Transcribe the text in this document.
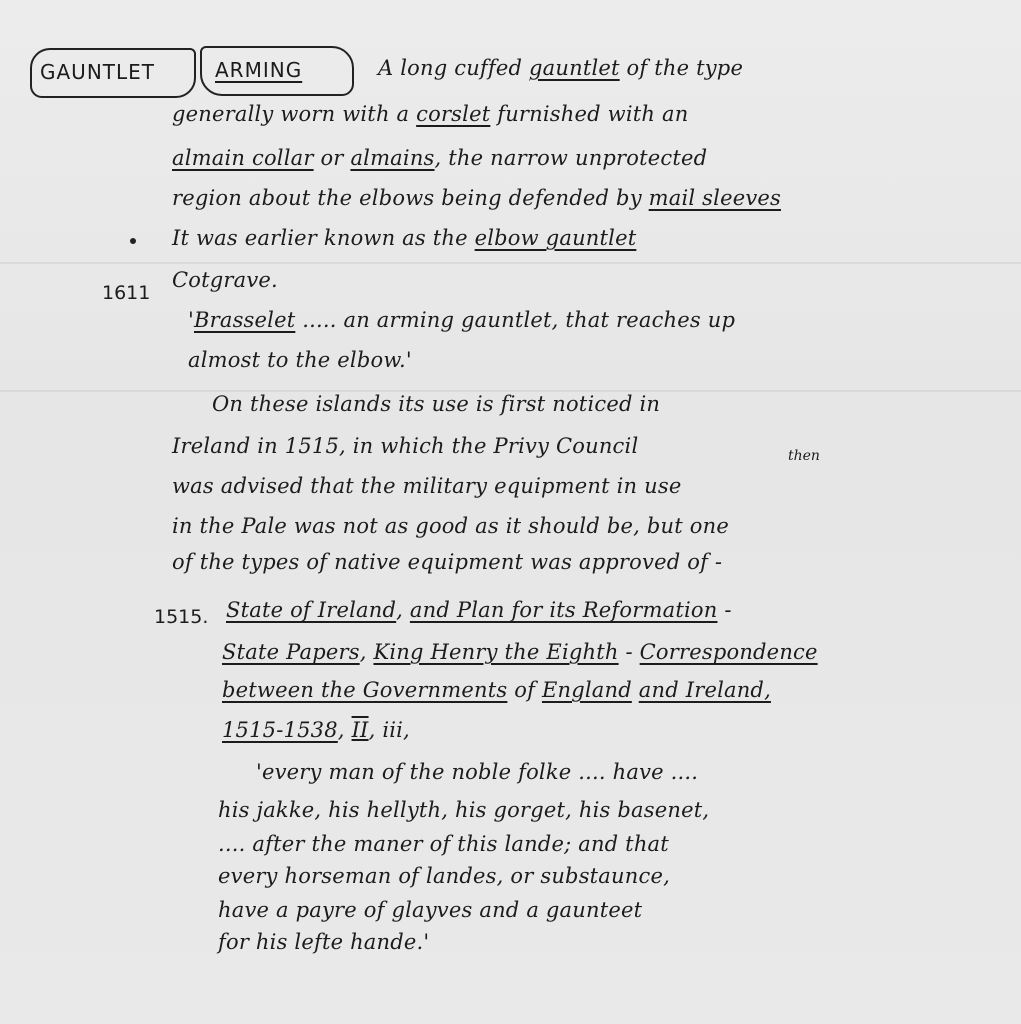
GAUNTLET	ARMING	A long cuffed gauntlet of the type
generally worn with a corslet furnished with an
almain collar or almains, the narrow unprotected
region about the elbows being defended by mail sleeves
It was earlier known as the elbow gauntlet
1611
Cotgrave.
'Brasselet ..... an arming gauntlet, that reaches up
almost to the elbow.'
On these islands its use is first noticed in
Ireland in 1515, in which the Privy Council	then
was advised that the military equipment in use
in the Pale was not as good as it should be, but one
of the types of native equipment was approved of -
1515. State of Ireland, and Plan for its Reformation -
State Papers, King Henry the Eighth - Correspondence
between the Governments of England and Ireland,
1515-1538, II, iii,
'every man of the noble folke .... have ....
his jakke, his hellyth, his gorget, his basenet,
.... after the maner of this lande; and that
every horseman of landes, or substaunce,
have a payre of glayves and a gaunteet
for his lefte hande.'
